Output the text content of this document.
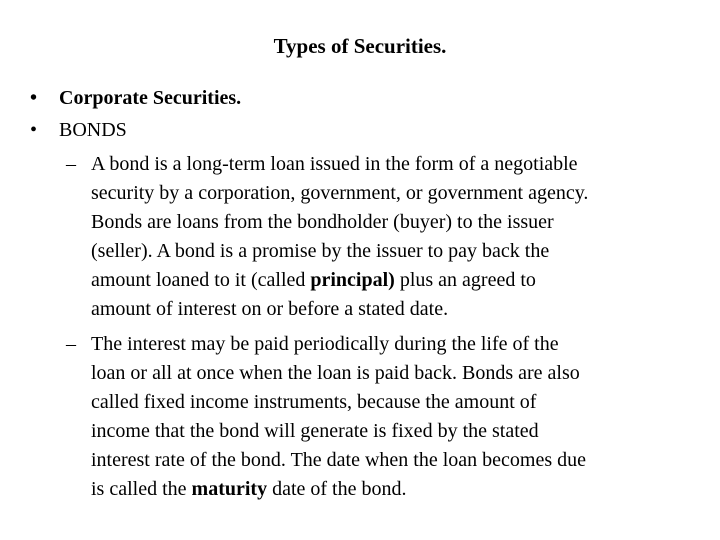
Types of Securities.
• Corporate Securities.
• BONDS
– A bond is a long-term loan issued in the form of a negotiable
security by a corporation, government, or government agency.
Bonds are loans from the bondholder (buyer) to the issuer
(seller). A bond is a promise by the issuer to pay back the
amount loaned to it (called principal) plus an agreed to
amount of interest on or before a stated date.
– The interest may be paid periodically during the life of the
loan or all at once when the loan is paid back. Bonds are also
called fixed income instruments, because the amount of
income that the bond will generate is fixed by the stated
interest rate of the bond. The date when the loan becomes due
is called the maturity date of the bond.
